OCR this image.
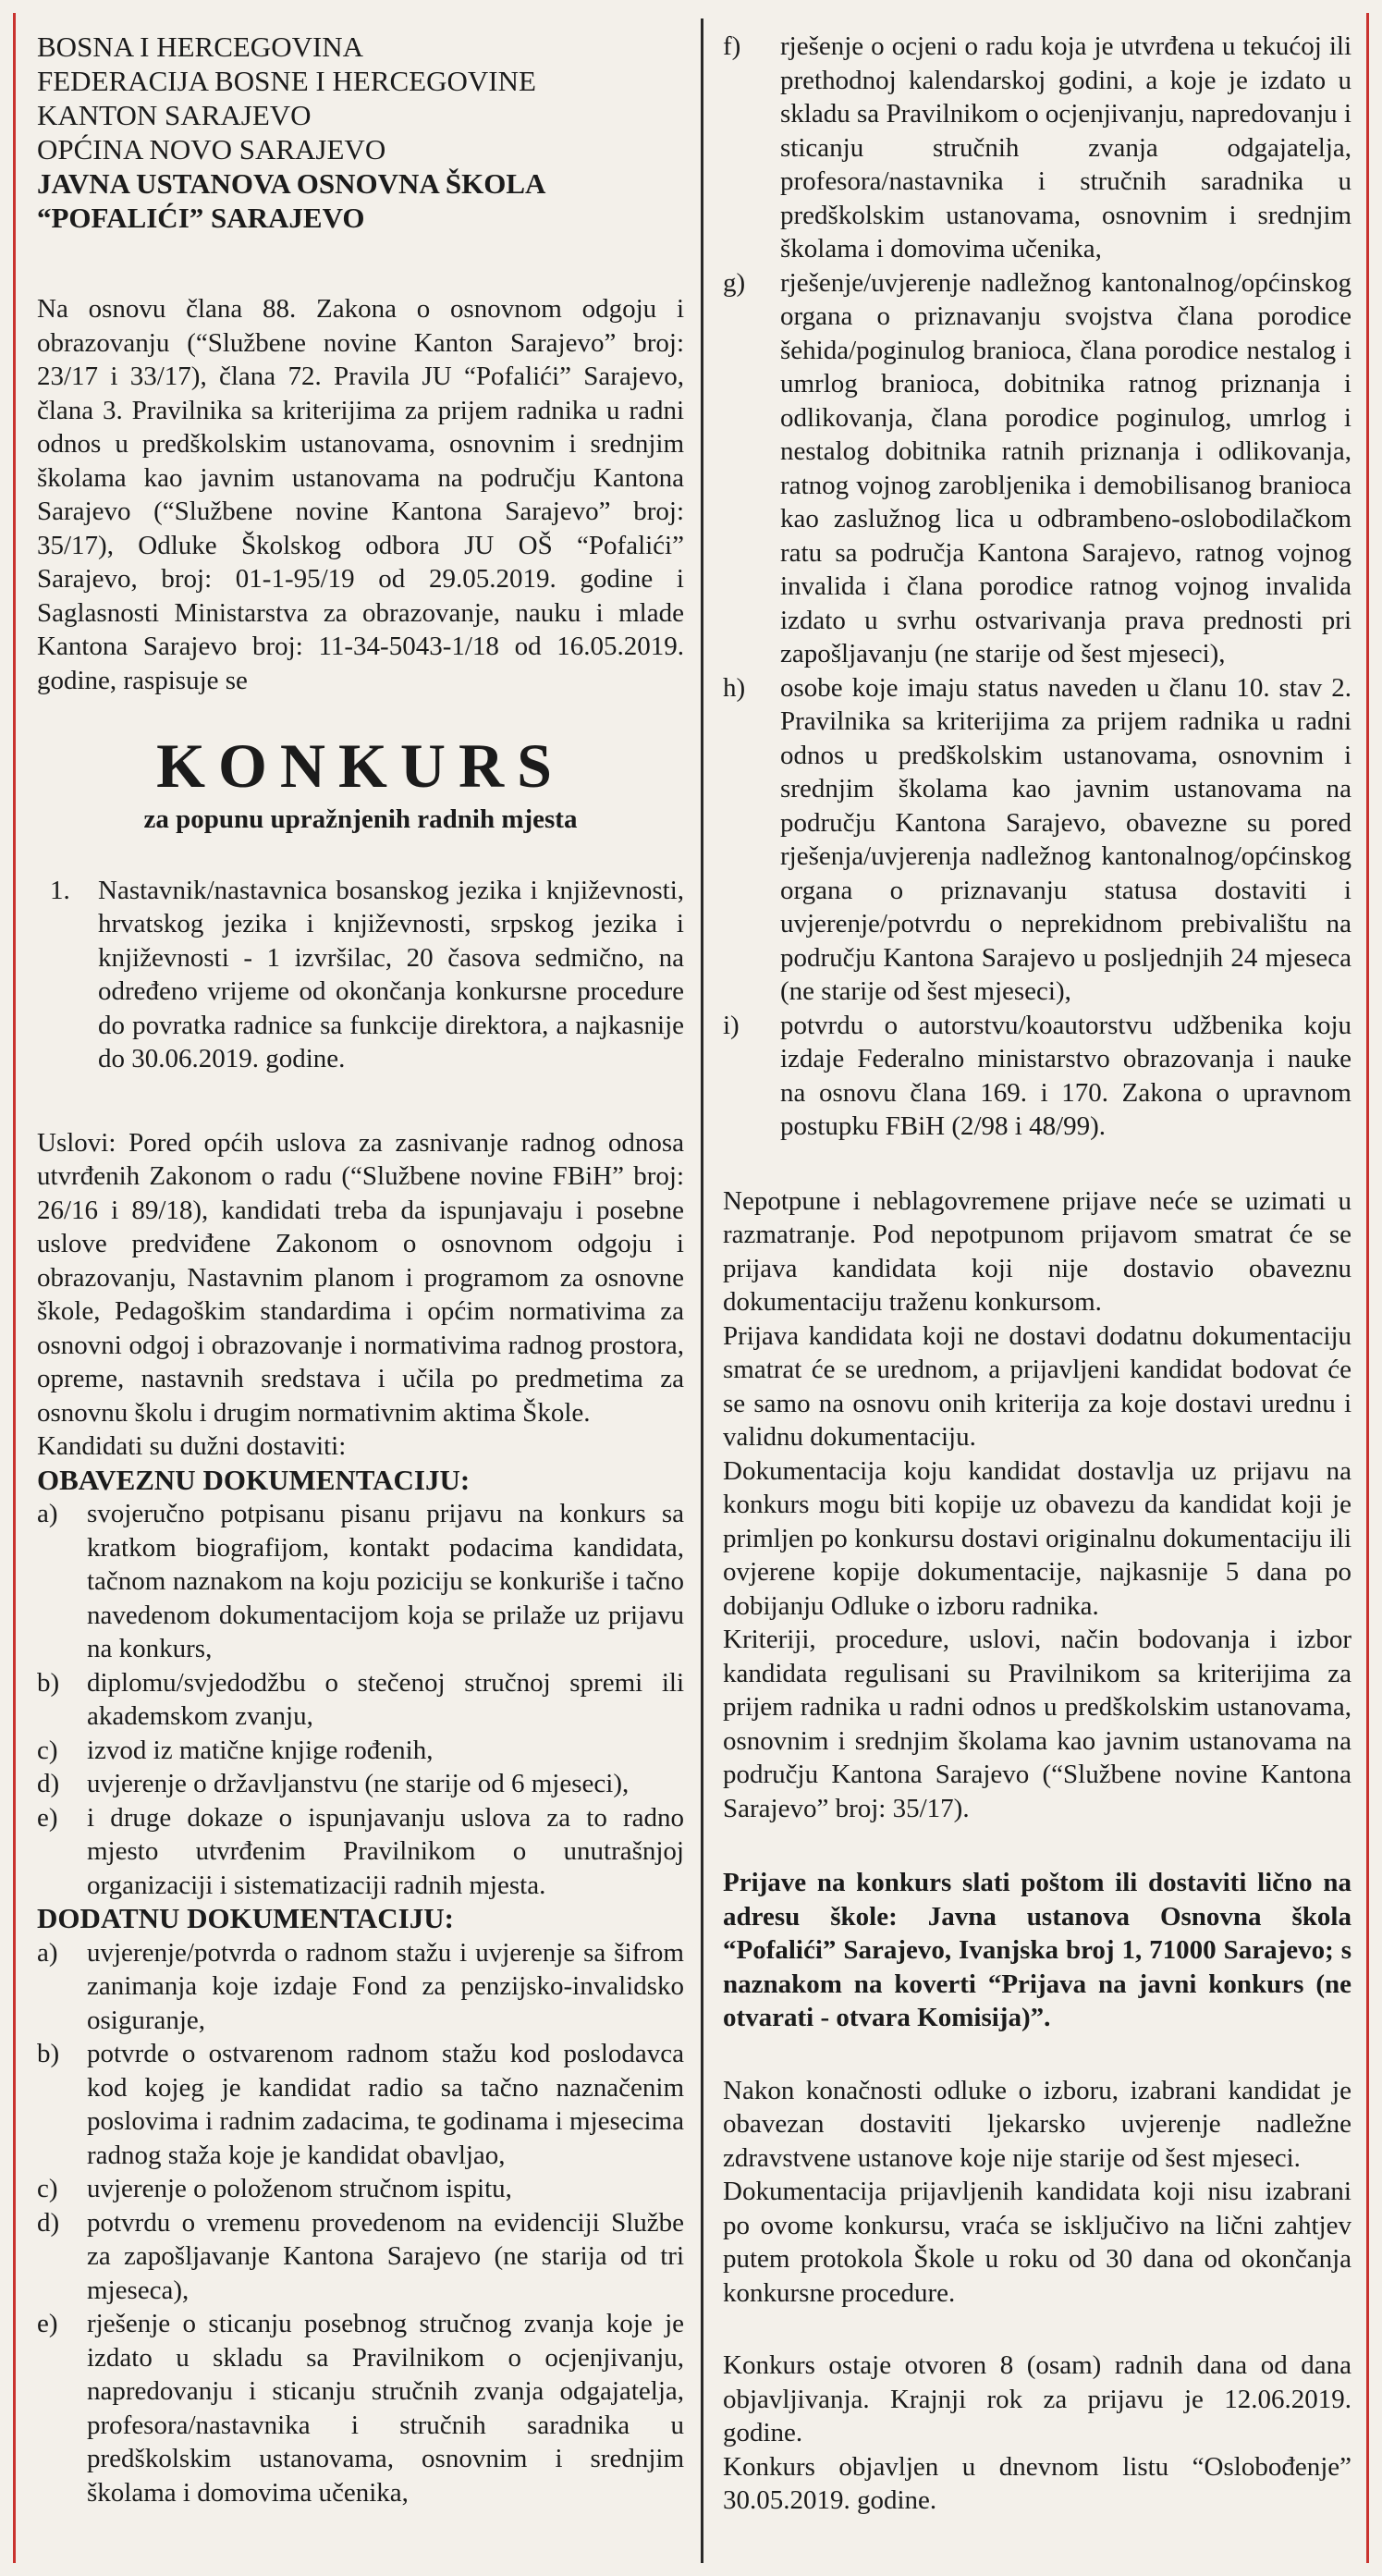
BOSNA I HERCEGOVINA

FEDERACIJA BOSNE I HERCEGOVINE

KANTON SARAJEVO

OPĆINA NOVO SARAJEVO

JAVNA USTANOVA OSNOVNA ŠKOLA

“POFALIĆI” SARAJEVO

Na osnovu člana 88. Zakona o osnovnom odgoju i obrazovanju (“Službene novine Kanton Sarajevo” broj: 23/17 i 33/17), člana 72. Pravila JU “Pofalići” Sarajevo, člana 3. Pravilnika sa kriterijima za prijem radnika u radni odnos u predškolskim ustanovama, osnovnim i srednjim školama kao javnim ustanovama na području Kantona Sarajevo (“Službene novine Kantona Sarajevo” broj: 35/17), Odluke Školskog odbora JU OŠ “Pofalići” Sarajevo, broj: 01-1-95/19 od 29.05.2019. godine i Saglasnosti Ministarstva za obrazovanje, nauku i mlade Kantona Sarajevo broj: 11-34-5043-1/18 od 16.05.2019. godine, raspisuje se

KONKURS
za popunu upražnjenih radnih mjesta
1.	Nastavnik/nastavnica bosanskog jezika i književnosti, hrvatskog jezika i književnosti, srpskog jezika i književnosti - 1 izvršilac, 20 časova sedmično, na određeno vrijeme od okončanja konkursne procedure do povratka radnice sa funkcije direktora, a najkasnije do 30.06.2019. godine.

Uslovi: Pored općih uslova za zasnivanje radnog odnosa utvrđenih Zakonom o radu (“Službene novine FBiH” broj: 26/16 i 89/18), kandidati treba da ispunjavaju i posebne uslove predviđene Zakonom o osnovnom odgoju i obrazovanju, Nastavnim planom i programom za osnovne škole, Pedagoškim standardima i općim normativima za osnovni odgoj i obrazovanje i normativima radnog prostora, opreme, nastavnih sredstava i učila po predmetima za osnovnu školu i drugim normativnim aktima Škole.

Kandidati su dužni dostaviti:

OBAVEZNU DOKUMENTACIJU:

a)	svojeručno potpisanu pisanu prijavu na konkurs sa kratkom biografijom, kontakt podacima kandidata, tačnom naznakom na koju poziciju se konkuriše i tačno navedenom dokumentacijom koja se prilaže uz prijavu na konkurs,
b)	diplomu/svjedodžbu o stečenoj stručnoj spremi ili akademskom zvanju,
c)	izvod iz matične knjige rođenih,
d)	uvjerenje o državljanstvu (ne starije od 6 mjeseci),
e)	i druge dokaze o ispunjavanju uslova za to radno mjesto utvrđenim Pravilnikom o unutrašnjoj organizaciji i sistematizaciji radnih mjesta.

DODATNU DOKUMENTACIJU:

a)	uvjerenje/potvrda o radnom stažu i uvjerenje sa šifrom zanimanja koje izdaje Fond za penzijsko-invalidsko osiguranje,
b)	potvrde o ostvarenom radnom stažu kod poslodavca kod kojeg je kandidat radio sa tačno naznačenim poslovima i radnim zadacima, te godinama i mjesecima radnog staža koje je kandidat obavljao,
c)	uvjerenje o položenom stručnom ispitu,
d)	potvrdu o vremenu provedenom na evidenciji Službe za zapošljavanje Kantona Sarajevo (ne starija od tri mjeseca),
e)	rješenje o sticanju posebnog stručnog zvanja koje je izdato u skladu sa Pravilnikom o ocjenjivanju, napredovanju i sticanju stručnih zvanja odgajatelja, profesora/nastavnika i stručnih saradnika u predškolskim ustanovama, osnovnim i srednjim školama i domovima učenika,
f)	rješenje o ocjeni o radu koja je utvrđena u tekućoj ili prethodnoj kalendarskoj godini, a koje je izdato u skladu sa Pravilnikom o ocjenjivanju, napredovanju i sticanju stručnih zvanja odgajatelja, profesora/nastavnika i stručnih saradnika u predškolskim ustanovama, osnovnim i srednjim školama i domovima učenika,
g)	rješenje/uvjerenje nadležnog kantonalnog/općinskog organa o priznavanju svojstva člana porodice šehida/poginulog branioca, člana porodice nestalog i umrlog branioca, dobitnika ratnog priznanja i odlikovanja, člana porodice poginulog, umrlog i nestalog dobitnika ratnih priznanja i odlikovanja, ratnog vojnog zarobljenika i demobilisanog branioca kao zaslužnog lica u odbrambeno-oslobodilačkom ratu sa područja Kantona Sarajevo, ratnog vojnog invalida i člana porodice ratnog vojnog invalida izdato u svrhu ostvarivanja prava prednosti pri zapošljavanju (ne starije od šest mjeseci),
h)	osobe koje imaju status naveden u članu 10. stav 2. Pravilnika sa kriterijima za prijem radnika u radni odnos u predškolskim ustanovama, osnovnim i srednjim školama kao javnim ustanovama na području Kantona Sarajevo, obavezne su pored rješenja/uvjerenja nadležnog kantonalnog/općinskog organa o priznavanju statusa dostaviti i uvjerenje/potvrdu o neprekidnom prebivalištu na području Kantona Sarajevo u posljednjih 24 mjeseca (ne starije od šest mjeseci),
i)	potvrdu o autorstvu/koautorstvu udžbenika koju izdaje Federalno ministarstvo obrazovanja i nauke na osnovu člana 169. i 170. Zakona o upravnom postupku FBiH (2/98 i 48/99).

Nepotpune i neblagovremene prijave neće se uzimati u razmatranje. Pod nepotpunom prijavom smatrat će se prijava kandidata koji nije dostavio obaveznu dokumentaciju traženu konkursom.

Prijava kandidata koji ne dostavi dodatnu dokumentaciju smatrat će se urednom, a prijavljeni kandidat bodovat će se samo na osnovu onih kriterija za koje dostavi urednu i validnu dokumentaciju.

Dokumentacija koju kandidat dostavlja uz prijavu na konkurs mogu biti kopije uz obavezu da kandidat koji je primljen po konkursu dostavi originalnu dokumentaciju ili ovjerene kopije dokumentacije, najkasnije 5 dana po dobijanju Odluke o izboru radnika.

Kriteriji, procedure, uslovi, način bodovanja i izbor kandidata regulisani su Pravilnikom sa kriterijima za prijem radnika u radni odnos u predškolskim ustanovama, osnovnim i srednjim školama kao javnim ustanovama na području Kantona Sarajevo (“Službene novine Kantona Sarajevo” broj: 35/17).

Prijave na konkurs slati poštom ili dostaviti lično na adresu škole: Javna ustanova Osnovna škola “Pofalići” Sarajevo, Ivanjska broj 1, 71000 Sarajevo; s naznakom na koverti “Prijava na javni konkurs (ne otvarati - otvara Komisija)”.

Nakon konačnosti odluke o izboru, izabrani kandidat je obavezan dostaviti ljekarsko uvjerenje nadležne zdravstvene ustanove koje nije starije od šest mjeseci.

Dokumentacija prijavljenih kandidata koji nisu izabrani po ovome konkursu, vraća se isključivo na lični zahtjev putem protokola Škole u roku od 30 dana od okončanja konkursne procedure.

Konkurs ostaje otvoren 8 (osam) radnih dana od dana objavljivanja. Krajnji rok za prijavu je 12.06.2019. godine.

Konkurs objavljen u dnevnom listu “Oslobođenje” 30.05.2019. godine.
